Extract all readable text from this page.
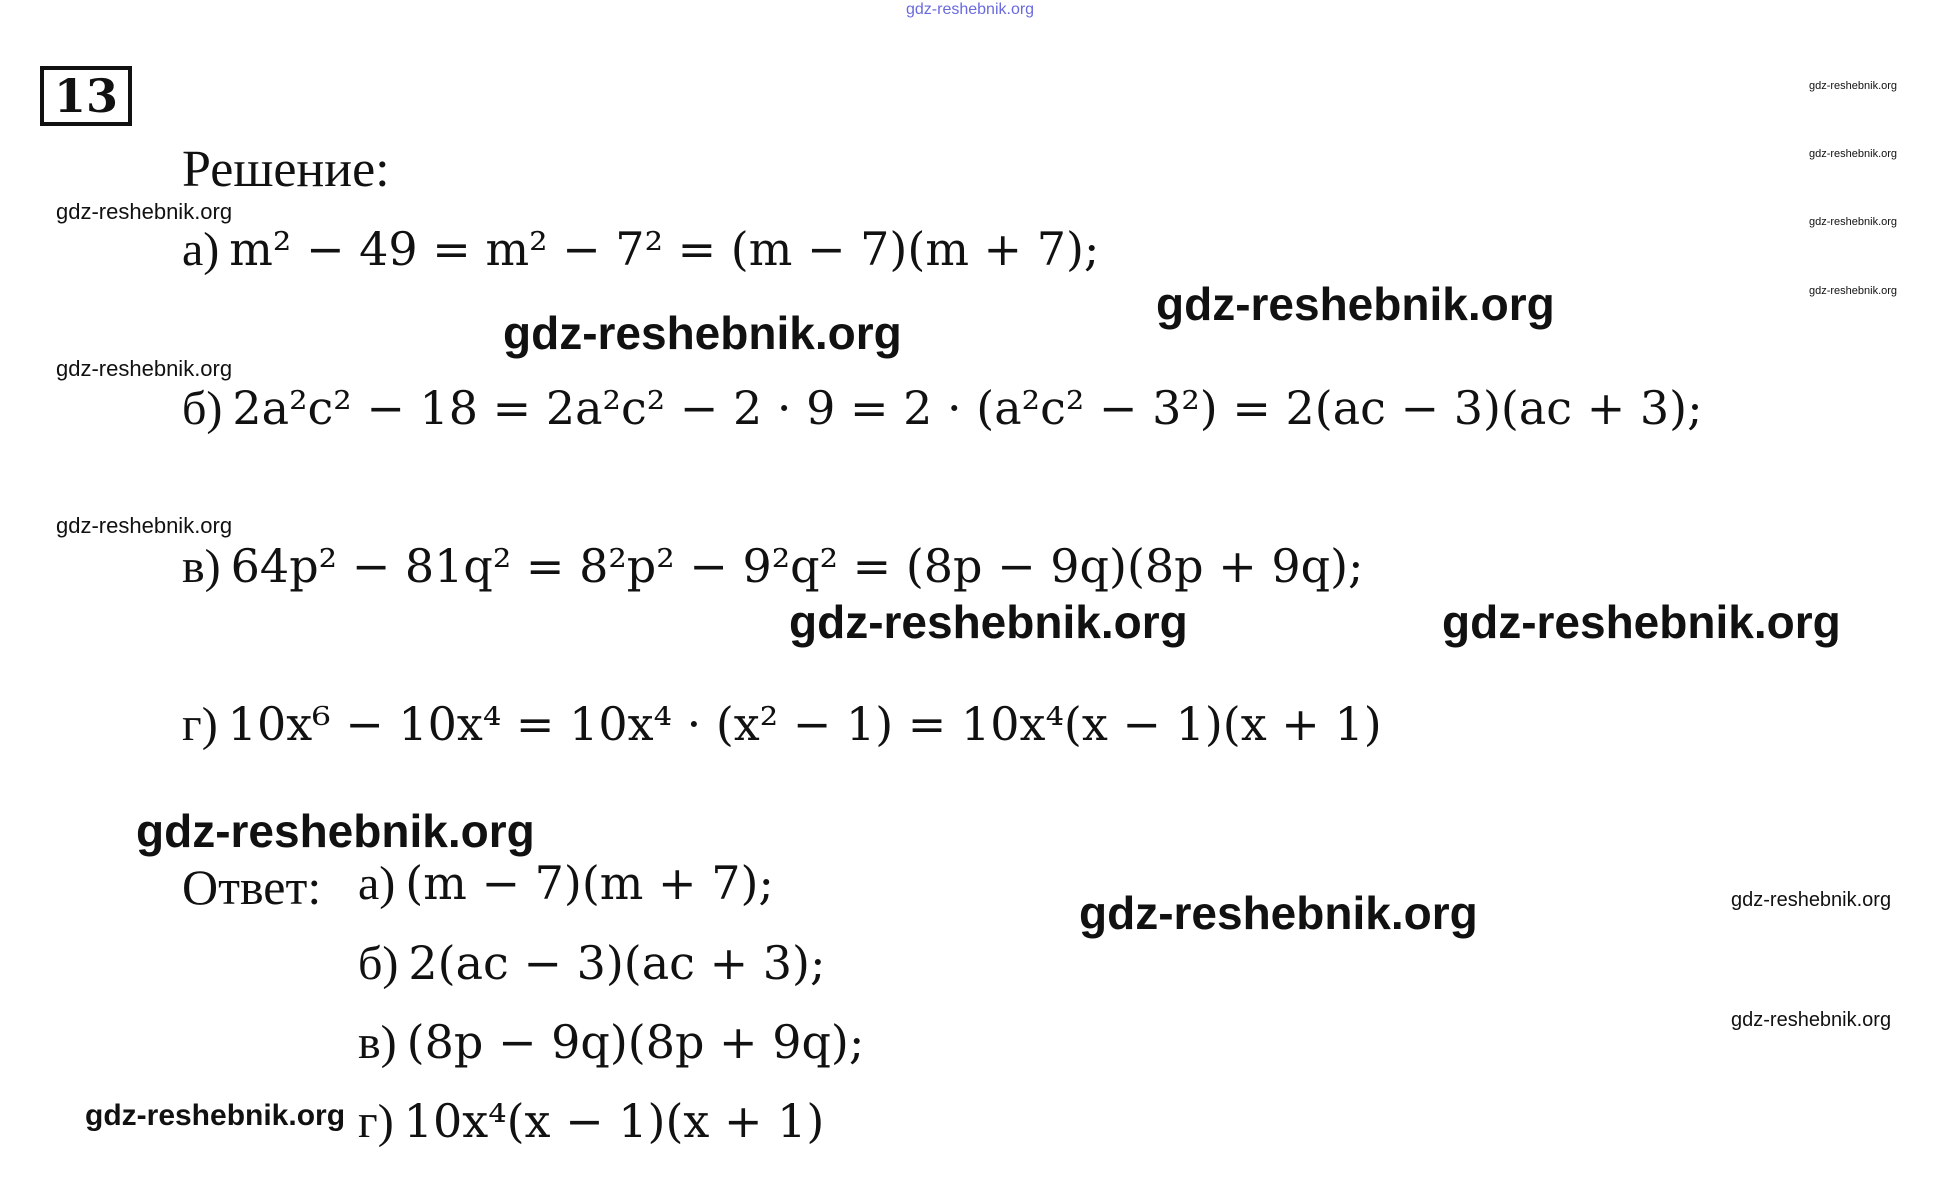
gdz-reshebnik.org
13
Решение:
а) m² − 49 = m² − 7² = (m − 7)(m + 7);
б) 2a²c² − 18 = 2a²c² − 2 · 9 = 2 · (a²c² − 3²) = 2(ac − 3)(ac + 3);
в) 64p² − 81q² = 8²p² − 9²q² = (8p − 9q)(8p + 9q);
г) 10x⁶ − 10x⁴ = 10x⁴ · (x² − 1) = 10x⁴(x − 1)(x + 1)
Ответ: а) (m − 7)(m + 7);
б) 2(ac − 3)(ac + 3);
в) (8p − 9q)(8p + 9q);
г) 10x⁴(x − 1)(x + 1)
gdz-reshebnik.org
gdz-reshebnik.org
gdz-reshebnik.org
gdz-reshebnik.org
gdz-reshebnik.org
gdz-reshebnik.org
gdz-reshebnik.org
gdz-reshebnik.org
gdz-reshebnik.org
gdz-reshebnik.org	gdz-reshebnik.org
gdz-reshebnik.org
gdz-reshebnik.org	gdz-reshebnik.org
gdz-reshebnik.org
gdz-reshebnik.org
